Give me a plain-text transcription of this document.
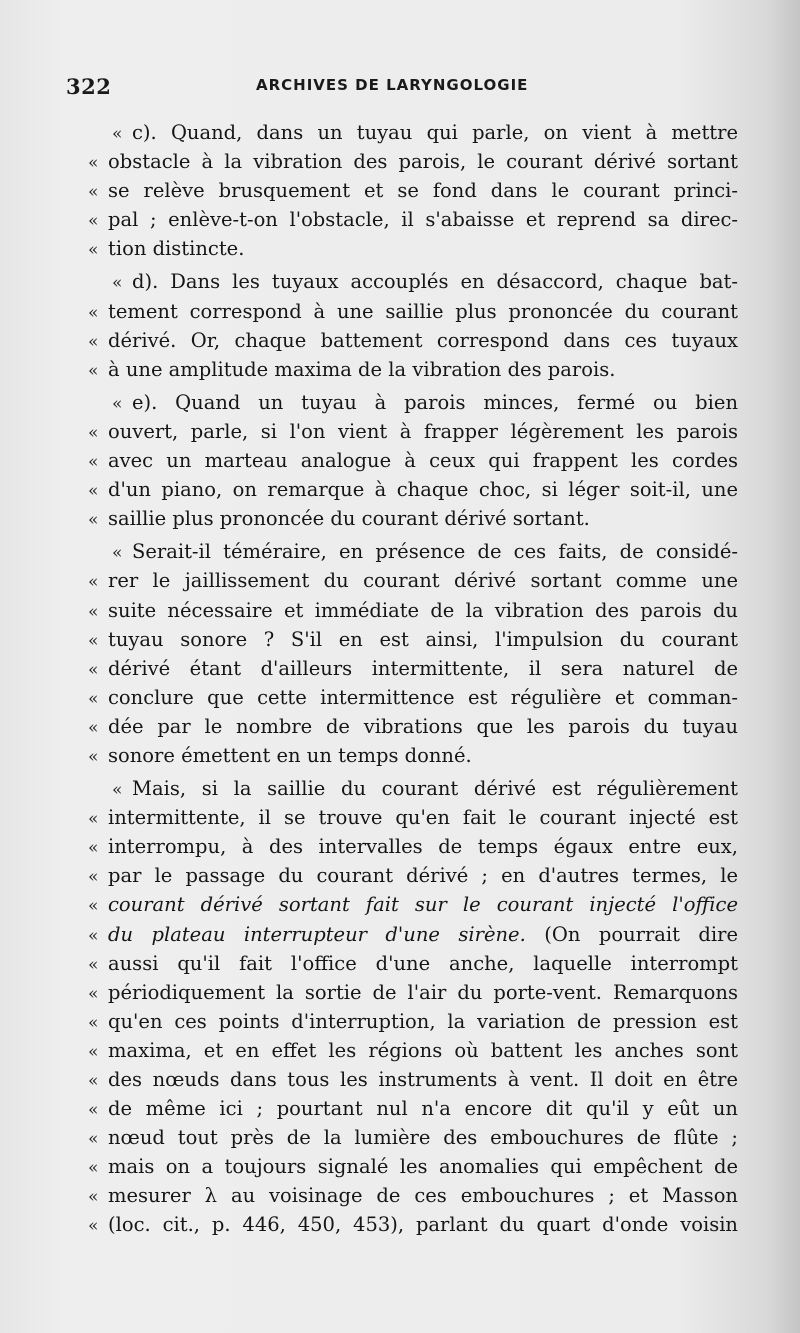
322	ARCHIVES DE LARYNGOLOGIE
« c). Quand, dans un tuyau qui parle, on vient à mettre
« obstacle à la vibration des parois, le courant dérivé sortant
« se relève brusquement et se fond dans le courant princi-
« pal ; enlève-t-on l'obstaclе, il s'abaisse et reprend sa direc-
« tion distincte.
« d). Dans les tuyaux accouplés en désaccord, chaque bat-
« tement correspond à une saillie plus prononcée du courant
« dérivé. Or, chaque battement correspond dans ces tuyaux
« à une amplitude maxima de la vibration des parois.
« e). Quand un tuyau à parois minces, fermé ou bien
« ouvert, parle, si l'on vient à frapper légèrement les parois
« avec un marteau analogue à ceux qui frappent les cordes
« d'un piano, on remarque à chaque choc, si léger soit-il, une
« saillie plus prononcée du courant dérivé sortant.
« Serait-il téméraire, en présence de ces faits, de considé-
« rer le jaillissement du courant dérivé sortant comme une
« suite nécessaire et immédiate de la vibration des parois du
« tuyau sonore ? S'il en est ainsi, l'impulsion du courant
« dérivé étant d'ailleurs intermittente, il sera naturel de
« conclure que cette intermittence est régulière et comman-
« dée par le nombre de vibrations que les parois du tuyau
« sonore émettent en un temps donné.
« Mais, si la saillie du courant dérivé est régulièrement
« intermittente, il se trouve qu'en fait le courant injecté est
« interrompu, à des intervalles de temps égaux entre eux,
« par le passage du courant dérivé ; en d'autres termes, le
« courant dérivé sortant fait sur le courant injecté l'office
« du plateau interrupteur d'une sirène. (On pourrait dire
« aussi qu'il fait l'office d'une anche, laquelle interrompt
« périodiquement la sortie de l'air du porte-vent. Remarquons
« qu'en ces points d'interruption, la variation de pression est
« maxima, et en effet les régions où battent les anches sont
« des nœuds dans tous les instruments à vent. Il doit en être
« de même ici ; pourtant nul n'a encore dit qu'il y eût un
« nœud tout près de la lumière des embouchures de flûte ;
« mais on a toujours signalé les anomalies qui empêchent de
« mesurer λ au voisinage de ces embouchures ; et Masson
« (loc. cit., p. 446, 450, 453), parlant du quart d'onde voisin
